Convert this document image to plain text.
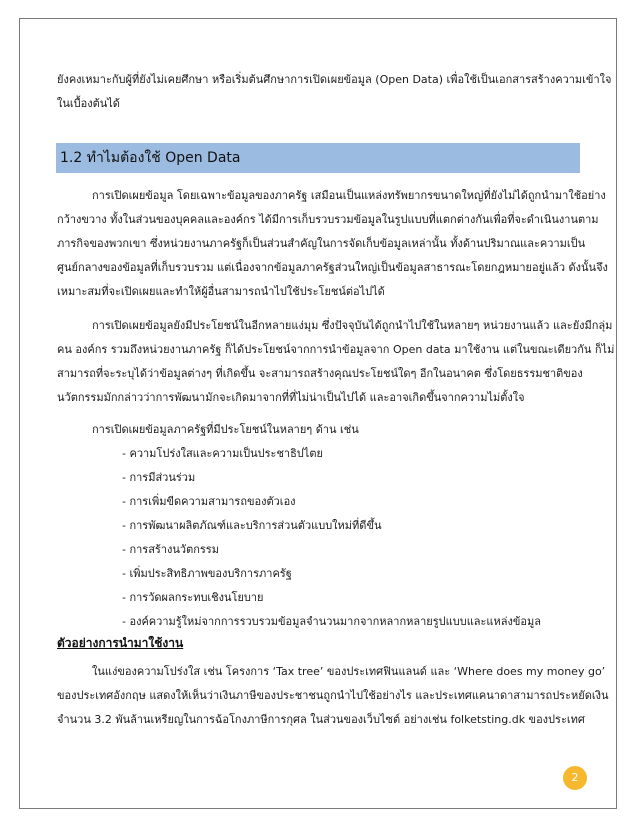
ยังคงเหมาะกับผู้ที่ยังไม่เคยศึกษา หรือเริ่มต้นศึกษาการเปิดเผยข้อมูล (Open Data) เพื่อใช้เป็นเอกสารสร้างความเข้าใจ
ในเบื้องต้นได้
1.2 ทำไมต้องใช้ Open Data
การเปิดเผยข้อมูล โดยเฉพาะข้อมูลของภาครัฐ เสมือนเป็นแหล่งทรัพยากรขนาดใหญ่ที่ยังไม่ได้ถูกนำมาใช้อย่าง
กว้างขวาง ทั้งในส่วนของบุคคลและองค์กร ได้มีการเก็บรวบรวมข้อมูลในรูปแบบที่แตกต่างกันเพื่อที่จะดำเนินงานตาม
ภารกิจของพวกเขา ซึ่งหน่วยงานภาครัฐก็เป็นส่วนสำคัญในการจัดเก็บข้อมูลเหล่านั้น ทั้งด้านปริมาณและความเป็น
ศูนย์กลางของข้อมูลที่เก็บรวบรวม แต่เนื่องจากข้อมูลภาครัฐส่วนใหญ่เป็นข้อมูลสาธารณะโดยกฎหมายอยู่แล้ว ดังนั้นจึง
เหมาะสมที่จะเปิดเผยและทำให้ผู้อื่นสามารถนำไปใช้ประโยชน์ต่อไปได้
การเปิดเผยข้อมูลยังมีประโยชน์ในอีกหลายแง่มุม ซึ่งปัจจุบันได้ถูกนำไปใช้ในหลายๆ หน่วยงานแล้ว และยังมีกลุ่ม
คน องค์กร รวมถึงหน่วยงานภาครัฐ ก็ได้ประโยชน์จากการนำข้อมูลจาก Open data มาใช้งาน แต่ในขณะเดียวกัน ก็ไม่
สามารถที่จะระบุได้ว่าข้อมูลต่างๆ ที่เกิดขึ้น จะสามารถสร้างคุณประโยชน์ใดๆ อีกในอนาคต ซึ่งโดยธรรมชาติของ
นวัตกรรมมักกล่าวว่าการพัฒนามักจะเกิดมาจากที่ที่ไม่น่าเป็นไปได้ และอาจเกิดขึ้นจากความไม่ตั้งใจ
การเปิดเผยข้อมูลภาครัฐที่มีประโยชน์ในหลายๆ ด้าน เช่น
- ความโปร่งใสและความเป็นประชาธิปไตย
- การมีส่วนร่วม
- การเพิ่มขีดความสามารถของตัวเอง
- การพัฒนาผลิตภัณฑ์และบริการส่วนตัวแบบใหม่ที่ดีขึ้น
- การสร้างนวัตกรรม
- เพิ่มประสิทธิภาพของบริการภาครัฐ
- การวัดผลกระทบเชิงนโยบาย
- องค์ความรู้ใหม่จากการรวบรวมข้อมูลจำนวนมากจากหลากหลายรูปแบบและแหล่งข้อมูล
ตัวอย่างการนำมาใช้งาน
ในแง่ของความโปร่งใส เช่น โครงการ ‘Tax tree’ ของประเทศฟินแลนด์ และ ‘Where does my money go’
ของประเทศอังกฤษ แสดงให้เห็นว่าเงินภาษีของประชาชนถูกนำไปใช้อย่างไร และประเทศแคนาดาสามารถประหยัดเงิน
จำนวน 3.2 พันล้านเหรียญในการฉ้อโกงภาษีการกุศล ในส่วนของเว็บไซต์ อย่างเช่น folketsting.dk ของประเทศ
2
